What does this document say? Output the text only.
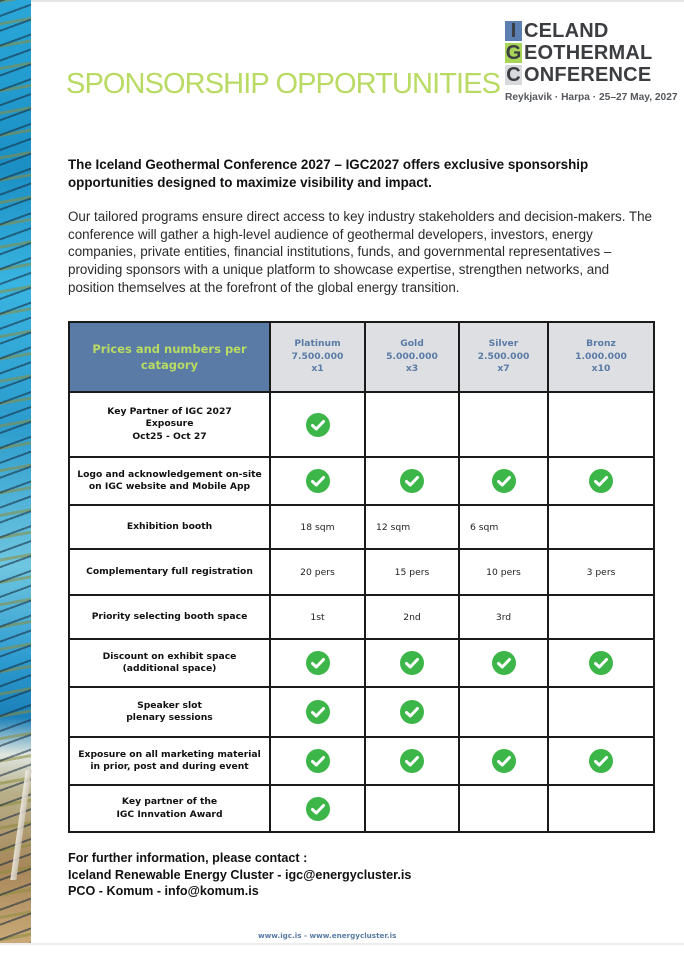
I CELAND
G EOTHERMAL
C ONFERENCE
Reykjavik · Harpa · 25–27 May, 2027
SPONSORSHIP OPPORTUNITIES

The Iceland Geothermal Conference 2027 – IGC2027 offers exclusive sponsorship opportunities designed to maximize visibility and impact.

Our tailored programs ensure direct access to key industry stakeholders and decision-makers. The conference will gather a high-level audience of geothermal developers, investors, energy companies, private entities, financial institutions, funds, and governmental representatives – providing sponsors with a unique platform to showcase expertise, strengthen networks, and position themselves at the forefront of the global energy transition.

Prices and numbers per catagory	Platinum
7.500.000
x1	Gold
5.000.000
x3	Silver
2.500.000
x7	Bronz
1.000.000
x10

Key Partner of IGC 2027
Exposure
Oct25 - Oct 27

Logo and acknowledgement on-site
on IGC website and Mobile App

Exhibition booth	18 sqm	12 sqm	6 sqm	

Complementary full registration	20 pers	15 pers	10 pers	3 pers

Priority selecting booth space	1st	2nd	3rd	

Discount on exhibit space
(additional space)

Speaker slot
plenary sessions

Exposure on all marketing material
in prior, post and during event

Key partner of the
IGC Innvation Award

For further information, please contact :
Iceland Renewable Energy Cluster - igc@energycluster.is
PCO - Komum - info@komum.is
www.igc.is - www.energycluster.is
